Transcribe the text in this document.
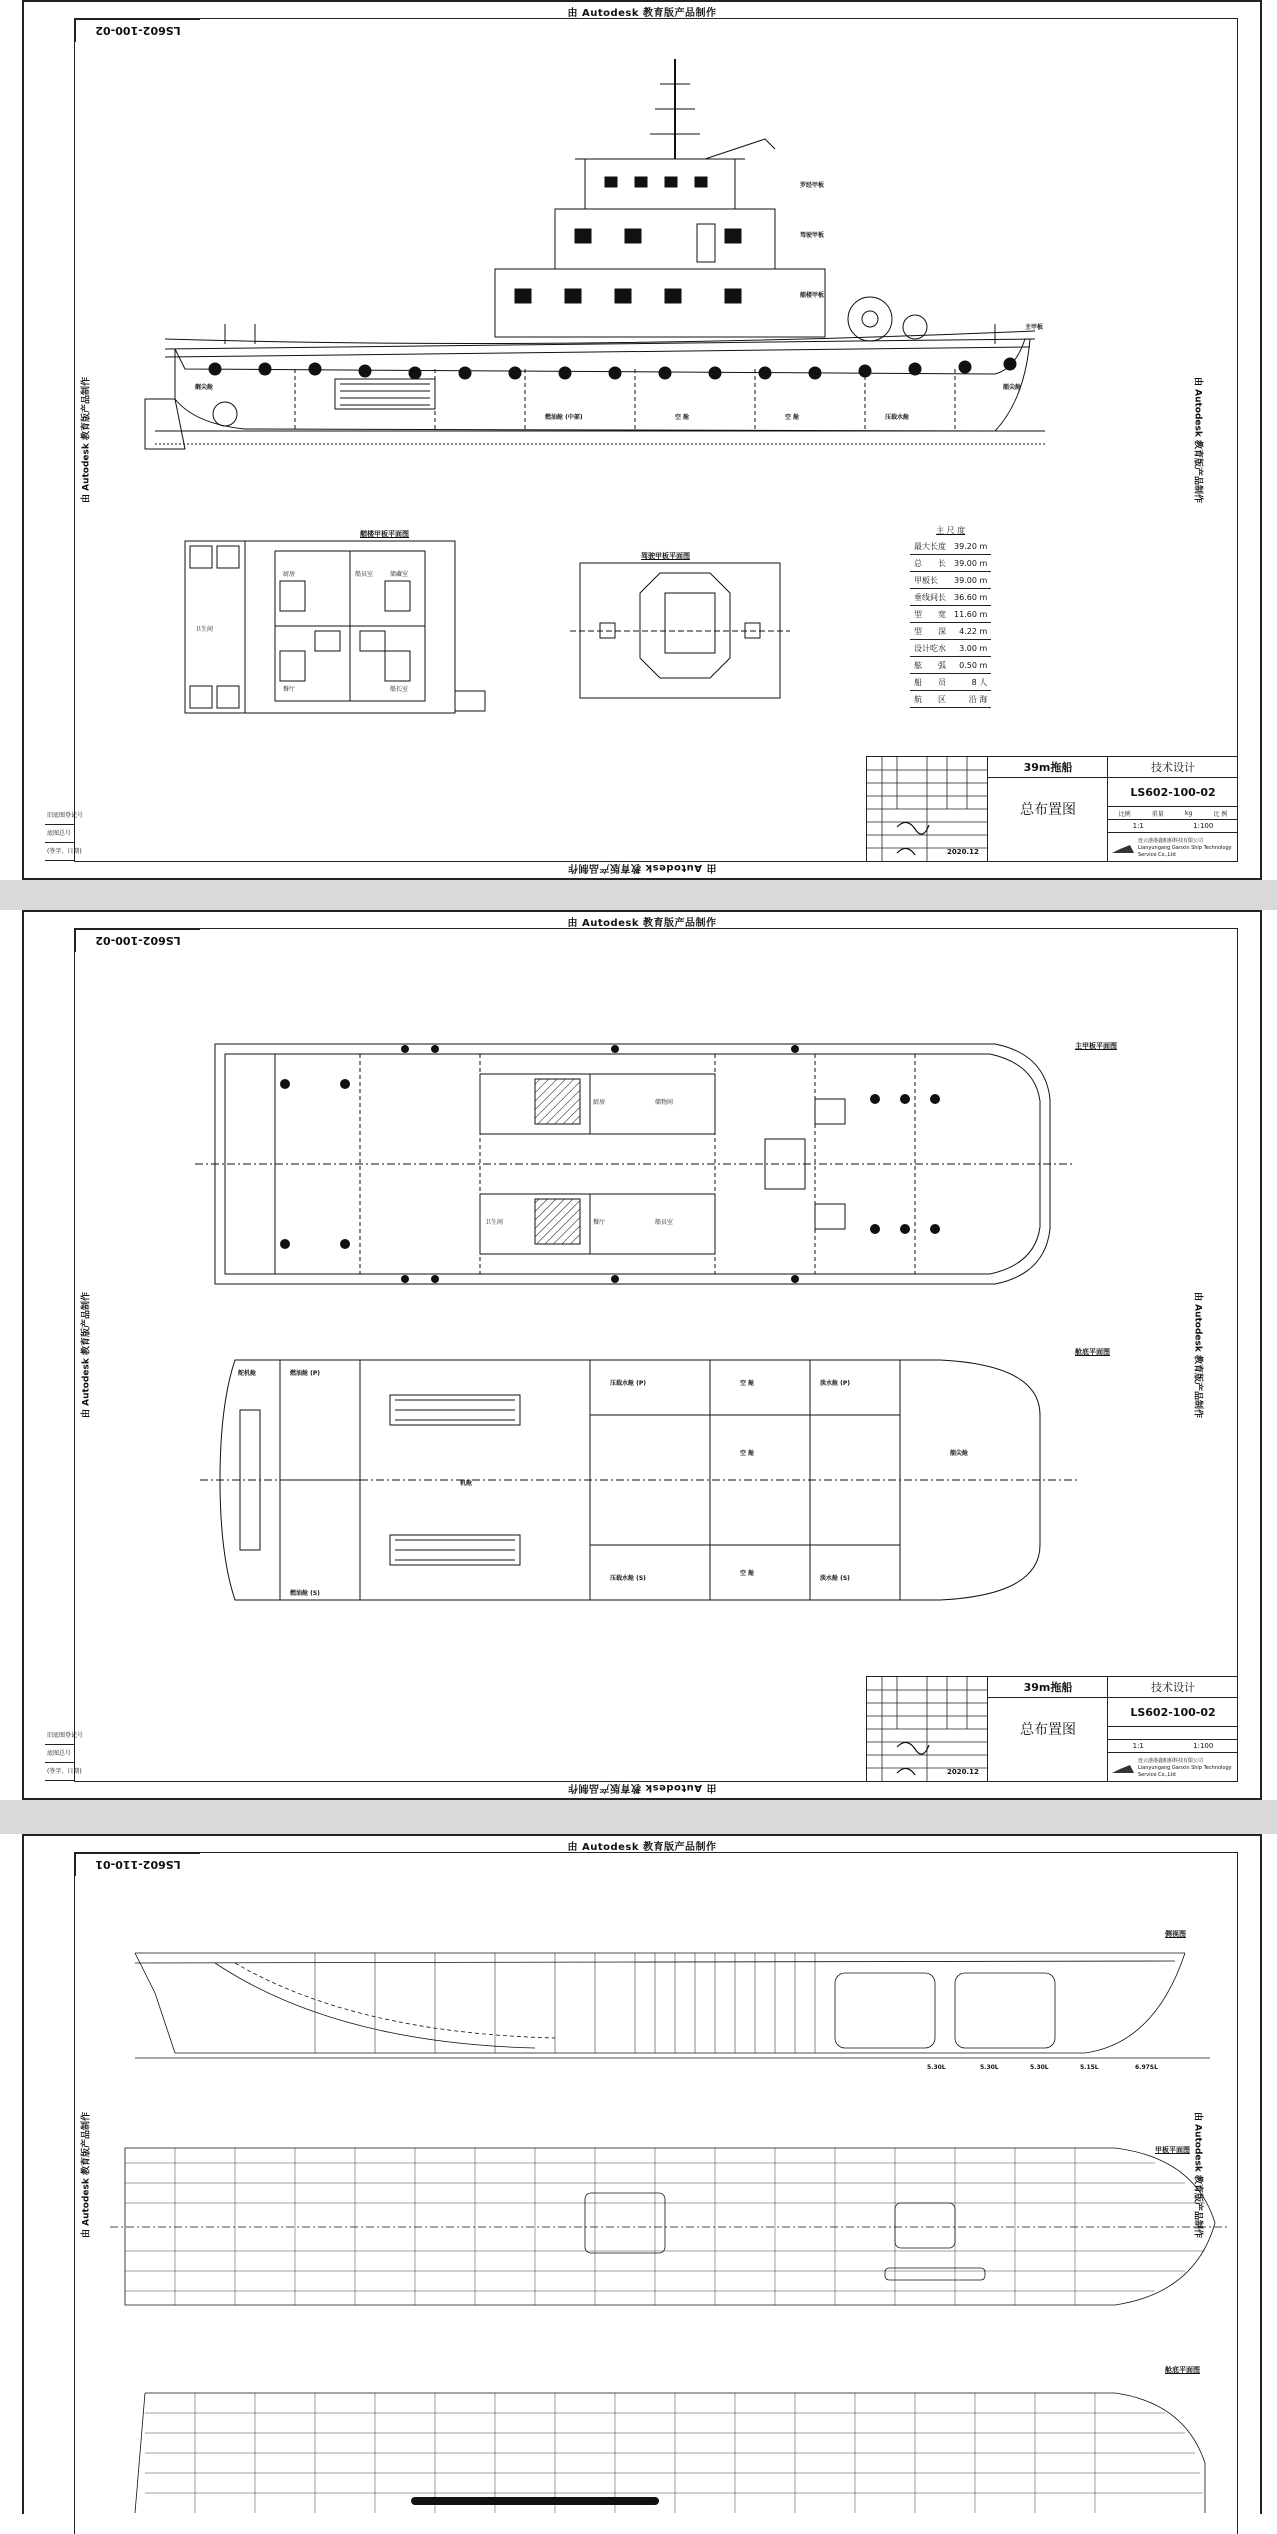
由 Autodesk 教育版产品制作
由 Autodesk 教育版产品制作
由 Autodesk 教育版产品制作	由 Autodesk 教育版产品制作
LS602-100-02
旧底图登记号
底图总号
(签字、日期)
罗经甲板
驾驶甲板
艏楼甲板
主甲板
艉尖舱	艏尖舱
空 舱	空 舱	压载水舱
燃油舱 (中部)
艏楼甲板平面图
厨房	船员室
餐厅	船长室
卫生间
储藏室
驾驶甲板平面图
主 尺 度
最大长度	39.20 m
总　　长	39.00 m
甲板长	39.00 m
垂线间长	36.60 m
型　　宽	11.60 m
型　　深	4.22 m
设计吃水	3.00 m
舷　　弧	0.50 m
船　　员	8 人
航　　区	沿 海
2020.12
39m拖船
总布置图
技术设计
LS602-100-02
比例	重量	kg	比 例
1:1	1:100
连云港港鑫船舶科技有限公司
Lianyungang Ganxin Ship Technology Service Co.,Ltd
由 Autodesk 教育版产品制作
由 Autodesk 教育版产品制作
由 Autodesk 教育版产品制作	由 Autodesk 教育版产品制作
LS602-100-02
旧底图登记号
底图总号
(签字、日期)
主甲板平面图
卫生间
厨房
餐厅	船员室
储物间
舱底平面图
舵机舱
机舱
空 舱
空 舱
空 舱
燃油舱 (P)
燃油舱 (S)
压载水舱 (P)
压载水舱 (S)
淡水舱 (P)
淡水舱 (S)
艏尖舱
2020.12
39m拖船
总布置图
技术设计
LS602-100-02
1:1	1:100
连云港港鑫船舶科技有限公司
Lianyungang Ganxin Ship Technology Service Co.,Ltd
由 Autodesk 教育版产品制作
由 Autodesk 教育版产品制作	由 Autodesk 教育版产品制作
LS602-110-01
侧视图
5.30L	5.30L	5.30L	5.15L	6.97SL
甲板平面图
舱底平面图
